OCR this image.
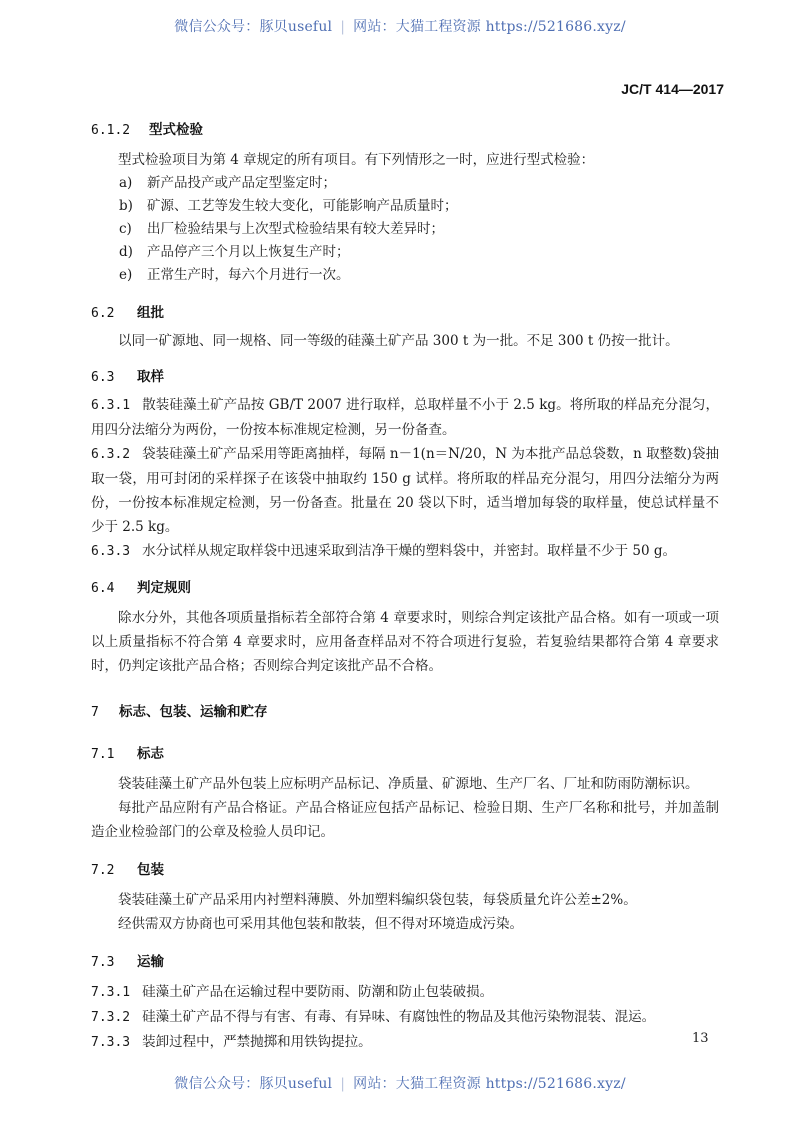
微信公众号：豚贝useful | 网站：大猫工程资源 https://521686.xyz/
JC/T 414—2017
6.1.2	型式检验
型式检验项目为第 4 章规定的所有项目。有下列情形之一时，应进行型式检验：
a)	新产品投产或产品定型鉴定时；
b)	矿源、工艺等发生较大变化，可能影响产品质量时；
c)	出厂检验结果与上次型式检验结果有较大差异时；
d)	产品停产三个月以上恢复生产时；
e)	正常生产时，每六个月进行一次。
6.2	组批
以同一矿源地、同一规格、同一等级的硅藻土矿产品 300 t 为一批。不足 300 t 仍按一批计。
6.3	取样
6.3.1 散装硅藻土矿产品按 GB/T 2007 进行取样，总取样量不小于 2.5 kg。将所取的样品充分混匀，用四分法缩分为两份，一份按本标准规定检测，另一份备查。
6.3.2 袋装硅藻土矿产品采用等距离抽样，每隔 n－1(n＝N/20，N 为本批产品总袋数，n 取整数)袋抽取一袋，用可封闭的采样探子在该袋中抽取约 150 g 试样。将所取的样品充分混匀，用四分法缩分为两份，一份按本标准规定检测，另一份备查。批量在 20 袋以下时，适当增加每袋的取样量，使总试样量不少于 2.5 kg。
6.3.3 水分试样从规定取样袋中迅速采取到洁净干燥的塑料袋中，并密封。取样量不少于 50 g。
6.4	判定规则
除水分外，其他各项质量指标若全部符合第 4 章要求时，则综合判定该批产品合格。如有一项或一项以上质量指标不符合第 4 章要求时，应用备查样品对不符合项进行复验，若复验结果都符合第 4 章要求时，仍判定该批产品合格；否则综合判定该批产品不合格。
7	标志、包装、运输和贮存
7.1	标志
袋装硅藻土矿产品外包装上应标明产品标记、净质量、矿源地、生产厂名、厂址和防雨防潮标识。
每批产品应附有产品合格证。产品合格证应包括产品标记、检验日期、生产厂名称和批号，并加盖制造企业检验部门的公章及检验人员印记。
7.2	包装
袋装硅藻土矿产品采用内衬塑料薄膜、外加塑料编织袋包装，每袋质量允许公差±2%。
经供需双方协商也可采用其他包装和散装，但不得对环境造成污染。
7.3	运输
7.3.1 硅藻土矿产品在运输过程中要防雨、防潮和防止包装破损。
7.3.2 硅藻土矿产品不得与有害、有毒、有异味、有腐蚀性的物品及其他污染物混装、混运。
7.3.3 装卸过程中，严禁抛掷和用铁钩提拉。	13
微信公众号：豚贝useful | 网站：大猫工程资源 https://521686.xyz/
